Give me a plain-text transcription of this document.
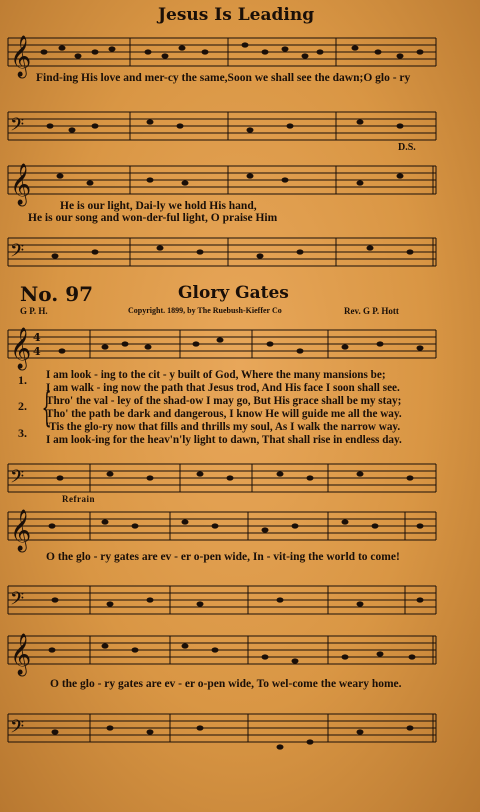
Jesus Is Leading
𝄞
Find-ing His love and mer-cy the same,Soon we shall see the dawn;O glo - ry
𝄢
𝄞
D.S.
He is our light, Dai-ly we hold His hand,
He is our song and won-der-ful light, O praise Him
𝄢
No. 97	Glory Gates
G P. H.	Copyright. 1899, by The Ruebush-Kieffer Co	Rev. G P. Hott
𝄞 4
4
1. I am look - ing to the cit - y built of God, Where the many mansions be;
I am walk - ing now the path that Jesus trod, And His face I soon shall see.
2. Thro' the val - ley of the shad-ow I may go, But His grace shall be my stay;
Tho' the path be dark and dangerous, I know He will guide me all the way.
3. 'Tis the glo-ry now that fills and thrills my soul, As I walk the narrow way.
I am look-ing for the heav'n'ly light to dawn, That shall rise in endless day.
{
𝄢
Refrain
𝄞
O the glo - ry gates are ev - er o-pen wide, In - vit-ing the world to come!
𝄢
𝄞
O the glo - ry gates are ev - er o-pen wide, To wel-come the weary home.
𝄢
